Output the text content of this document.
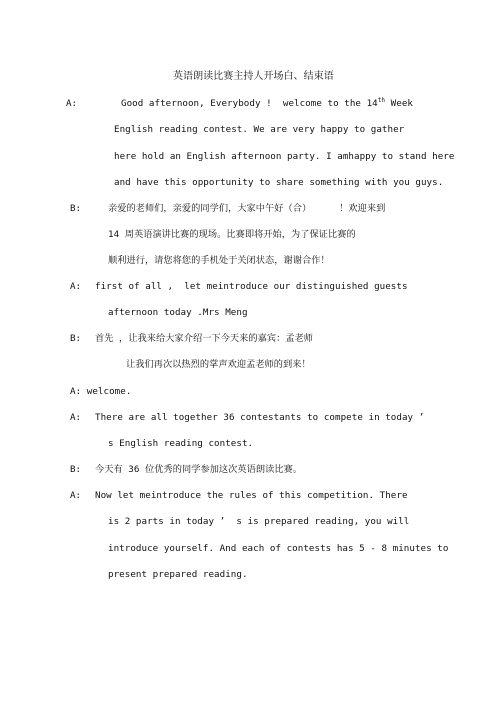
英语朗读比赛主持人开场白、结束语
A:	Good afternoon, Everybody !  welcome to the 14th Week
English reading contest. We are very happy to gather
here hold an English afternoon party. I amhappy to stand here
and have this opportunity to share something with you guys.
B:	亲爱的老师们，亲爱的同学们，大家中午好（合）     ！欢迎来到
14 周英语演讲比赛的现场。比赛即将开始，为了保证比赛的
顺利进行，请您将您的手机处于关闭状态，谢谢合作！
A: first of all ,  let meintroduce our distinguished guests
afternoon today .Mrs Meng
B: 首先 ，让我来给大家介绍一下今天来的嘉宾：孟老师
让我们再次以热烈的掌声欢迎孟老师的到来！
A: welcome.
A: There are all together 36 contestants to compete in today ’
s English reading contest.
B: 今天有 36 位优秀的同学参加这次英语朗读比赛。
A: Now let meintroduce the rules of this competition. There
is 2 parts in today ’  s is prepared reading, you will
introduce yourself. And each of contests has 5 - 8 minutes to
present prepared reading.
